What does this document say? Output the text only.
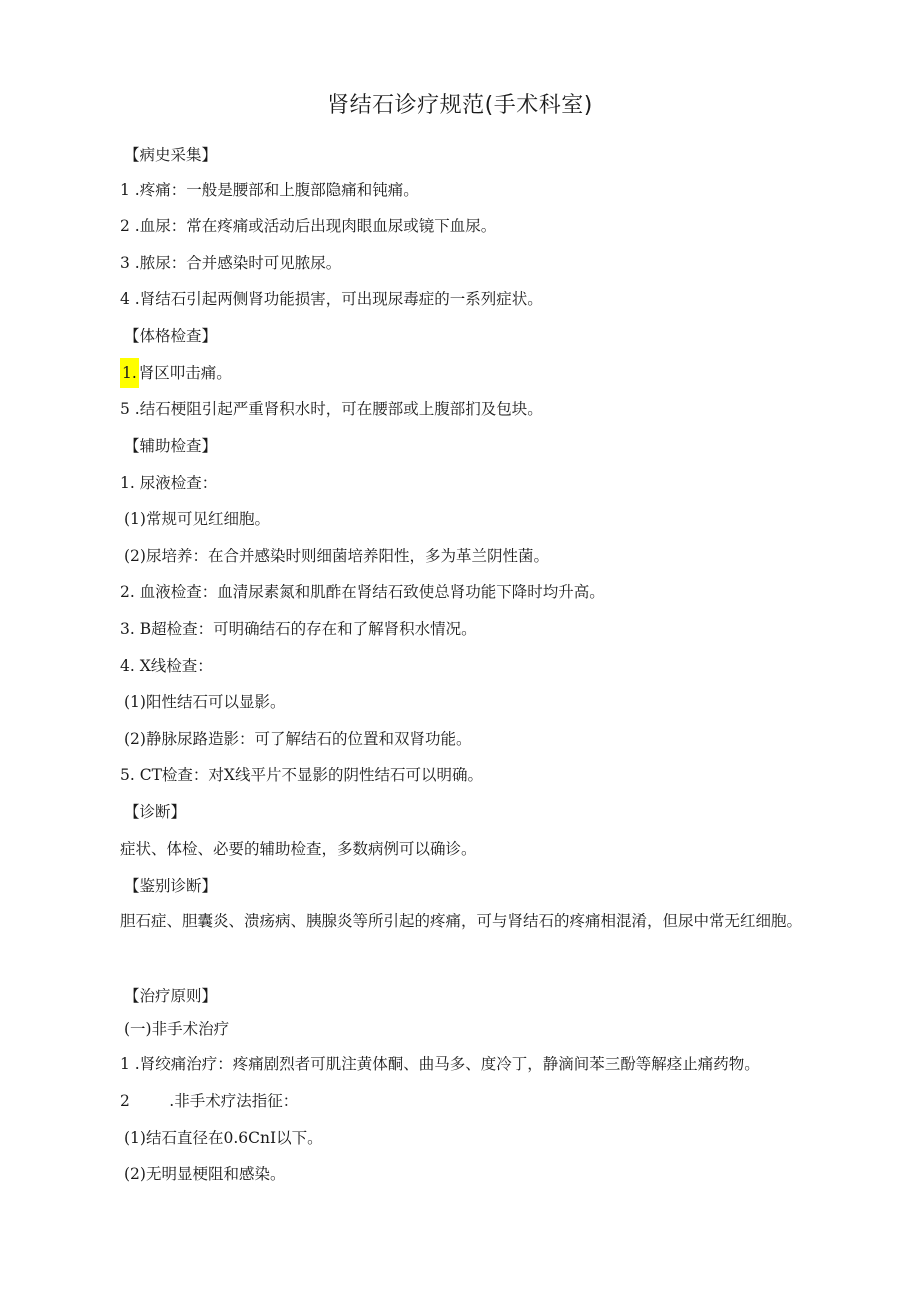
肾结石诊疗规范(手术科室)
【病史采集】
1 .疼痛：一般是腰部和上腹部隐痛和钝痛。
2 .血尿：常在疼痛或活动后出现肉眼血尿或镜下血尿。
3 .脓尿：合并感染时可见脓尿。
4 .肾结石引起两侧肾功能损害，可出现尿毒症的一系列症状。
【体格检查】
1. 肾区叩击痛。
5 .结石梗阻引起严重肾积水时，可在腰部或上腹部扪及包块。
【辅助检查】
1. 尿液检查：
(1)常规可见红细胞。
(2)尿培养：在合并感染时则细菌培养阳性，多为革兰阴性菌。
2. 血液检查：血清尿素氮和肌酢在肾结石致使总肾功能下降时均升高。
3. B超检查：可明确结石的存在和了解肾积水情况。
4. X线检查：
(1)阳性结石可以显影。
(2)静脉尿路造影：可了解结石的位置和双肾功能。
5. CT检查：对X线平片不显影的阴性结石可以明确。
【诊断】
症状、体检、必要的辅助检查，多数病例可以确诊。
【鉴别诊断】
胆石症、胆囊炎、溃疡病、胰腺炎等所引起的疼痛，可与肾结石的疼痛相混淆，但尿中常无红细胞。
【治疗原则】
(一)非手术治疗
1 .肾绞痛治疗：疼痛剧烈者可肌注黄体酮、曲马多、度冷丁，静滴间苯三酚等解痉止痛药物。
2        .非手术疗法指征：
(1)结石直径在0.6CnI以下。
(2)无明显梗阻和感染。
